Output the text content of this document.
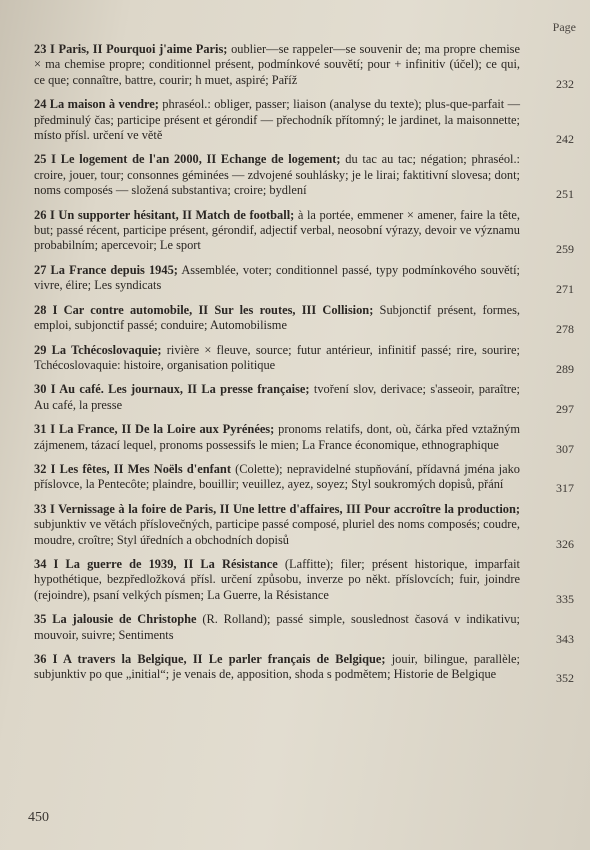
Page
23 I Paris, II Pourquoi j'aime Paris; oublier—se rappeler—se souvenir de; ma propre chemise × ma chemise propre; conditionnel présent, podmínkové souvětí; pour + infinitiv (účel); ce qui, ce que; connaître, battre, courir; h muet, aspiré; Paříž	232
24 La maison à vendre; phraséol.: obliger, passer; liaison (analyse du texte); plus-que-parfait — předminulý čas; participe présent et gérondif — přechodník přítomný; le jardinet, la maisonnette; místo přísl. určení ve větě	242
25 I Le logement de l'an 2000, II Echange de logement; du tac au tac; négation; phraséol.: croire, jouer, tour; consonnes géminées — zdvojené souhlásky; je le lirai; faktitivní slovesa; dont; noms composés — složená substantiva; croire; bydlení	251
26 I Un supporter hésitant, II Match de football; à la portée, emmener × amener, faire la tête, but; passé récent, participe présent, gérondif, adjectif verbal, neosobní výrazy, devoir ve významu probabilním; apercevoir; Le sport	259
27 La France depuis 1945; Assemblée, voter; conditionnel passé, typy podmínkového souvětí; vivre, élire; Les syndicats	271
28 I Car contre automobile, II Sur les routes, III Collision; Subjonctif présent, formes, emploi, subjonctif passé; conduire; Automobilisme	278
29 La Tchécoslovaquie; rivière × fleuve, source; futur antérieur, infinitif passé; rire, sourire; Tchécoslovaquie: histoire, organisation politique	289
30 I Au café. Les journaux, II La presse française; tvoření slov, derivace; s'asseoir, paraître; Au café, la presse	297
31 I La France, II De la Loire aux Pyrénées; pronoms relatifs, dont, où, čárka před vztažným zájmenem, tázací lequel, pronoms possessifs le mien; La France économique, ethnographique	307
32 I Les fêtes, II Mes Noëls d'enfant (Colette); nepravidelné stupňování, přídavná jména jako příslovce, la Pentecôte; plaindre, bouillir; veuillez, ayez, soyez; Styl soukromých dopisů, přání	317
33 I Vernissage à la foire de Paris, II Une lettre d'affaires, III Pour accroître la production; subjunktiv ve větách příslovečných, participe passé composé, pluriel des noms composés; coudre, moudre, croître; Styl úředních a obchodních dopisů	326
34 I La guerre de 1939, II La Résistance (Laffitte); filer; présent historique, imparfait hypothétique, bezpředložková přísl. určení způsobu, inverze po někt. příslovcích; fuir, joindre (rejoindre), psaní velkých písmen; La Guerre, la Résistance	335
35 La jalousie de Christophe (R. Rolland); passé simple, souslednost časová v indikativu; mouvoir, suivre; Sentiments	343
36 I A travers la Belgique, II Le parler français de Belgique; jouir, bilingue, parallèle; subjunktiv po que „initial“; je venais de, apposition, shoda s podmětem; Historie de Belgique	352
450
